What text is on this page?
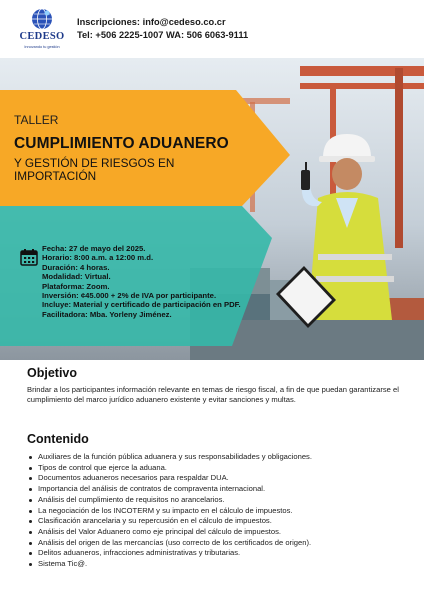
CEDESO
Innovando tu gestión
Inscripciones: info@cedeso.co.cr
Tel: +506 2225-1007 WA: 506 6063-9111
TALLER
CUMPLIMIENTO ADUANERO
Y GESTIÓN DE RIESGOS EN
IMPORTACIÓN
Fecha: 27 de mayo del 2025.
Horario: 8:00 a.m. a 12:00 m.d.
Duración: 4 horas.
Modalidad: Virtual.
Plataforma: Zoom.
Inversión: ¢45.000 + 2% de IVA por participante.
Incluye: Material y certificado de participación en PDF.
Facilitadora: Mba. Yorleny Jiménez.
Objetivo
Brindar a los participantes información relevante en temas de riesgo fiscal, a fin de que puedan garantizarse el cumplimiento del marco jurídico aduanero existente y evitar sanciones y multas.
Contenido
Auxiliares de la función pública aduanera y sus responsabilidades y obligaciones.
Tipos de control que ejerce la aduana.
Documentos aduaneros necesarios para respaldar DUA.
Importancia del análisis de contratos de compraventa internacional.
Análisis del cumplimiento de requisitos no arancelarios.
La negociación de los INCOTERM y su impacto en el cálculo de impuestos.
Clasificación arancelaria y su repercusión en el cálculo de impuestos.
Análisis del Valor Aduanero como eje principal del cálculo de impuestos.
Análisis del origen de las mercancías (uso correcto de los certificados de origen).
Delitos aduaneros, infracciones administrativas y tributarias.
Sistema Tic@.
